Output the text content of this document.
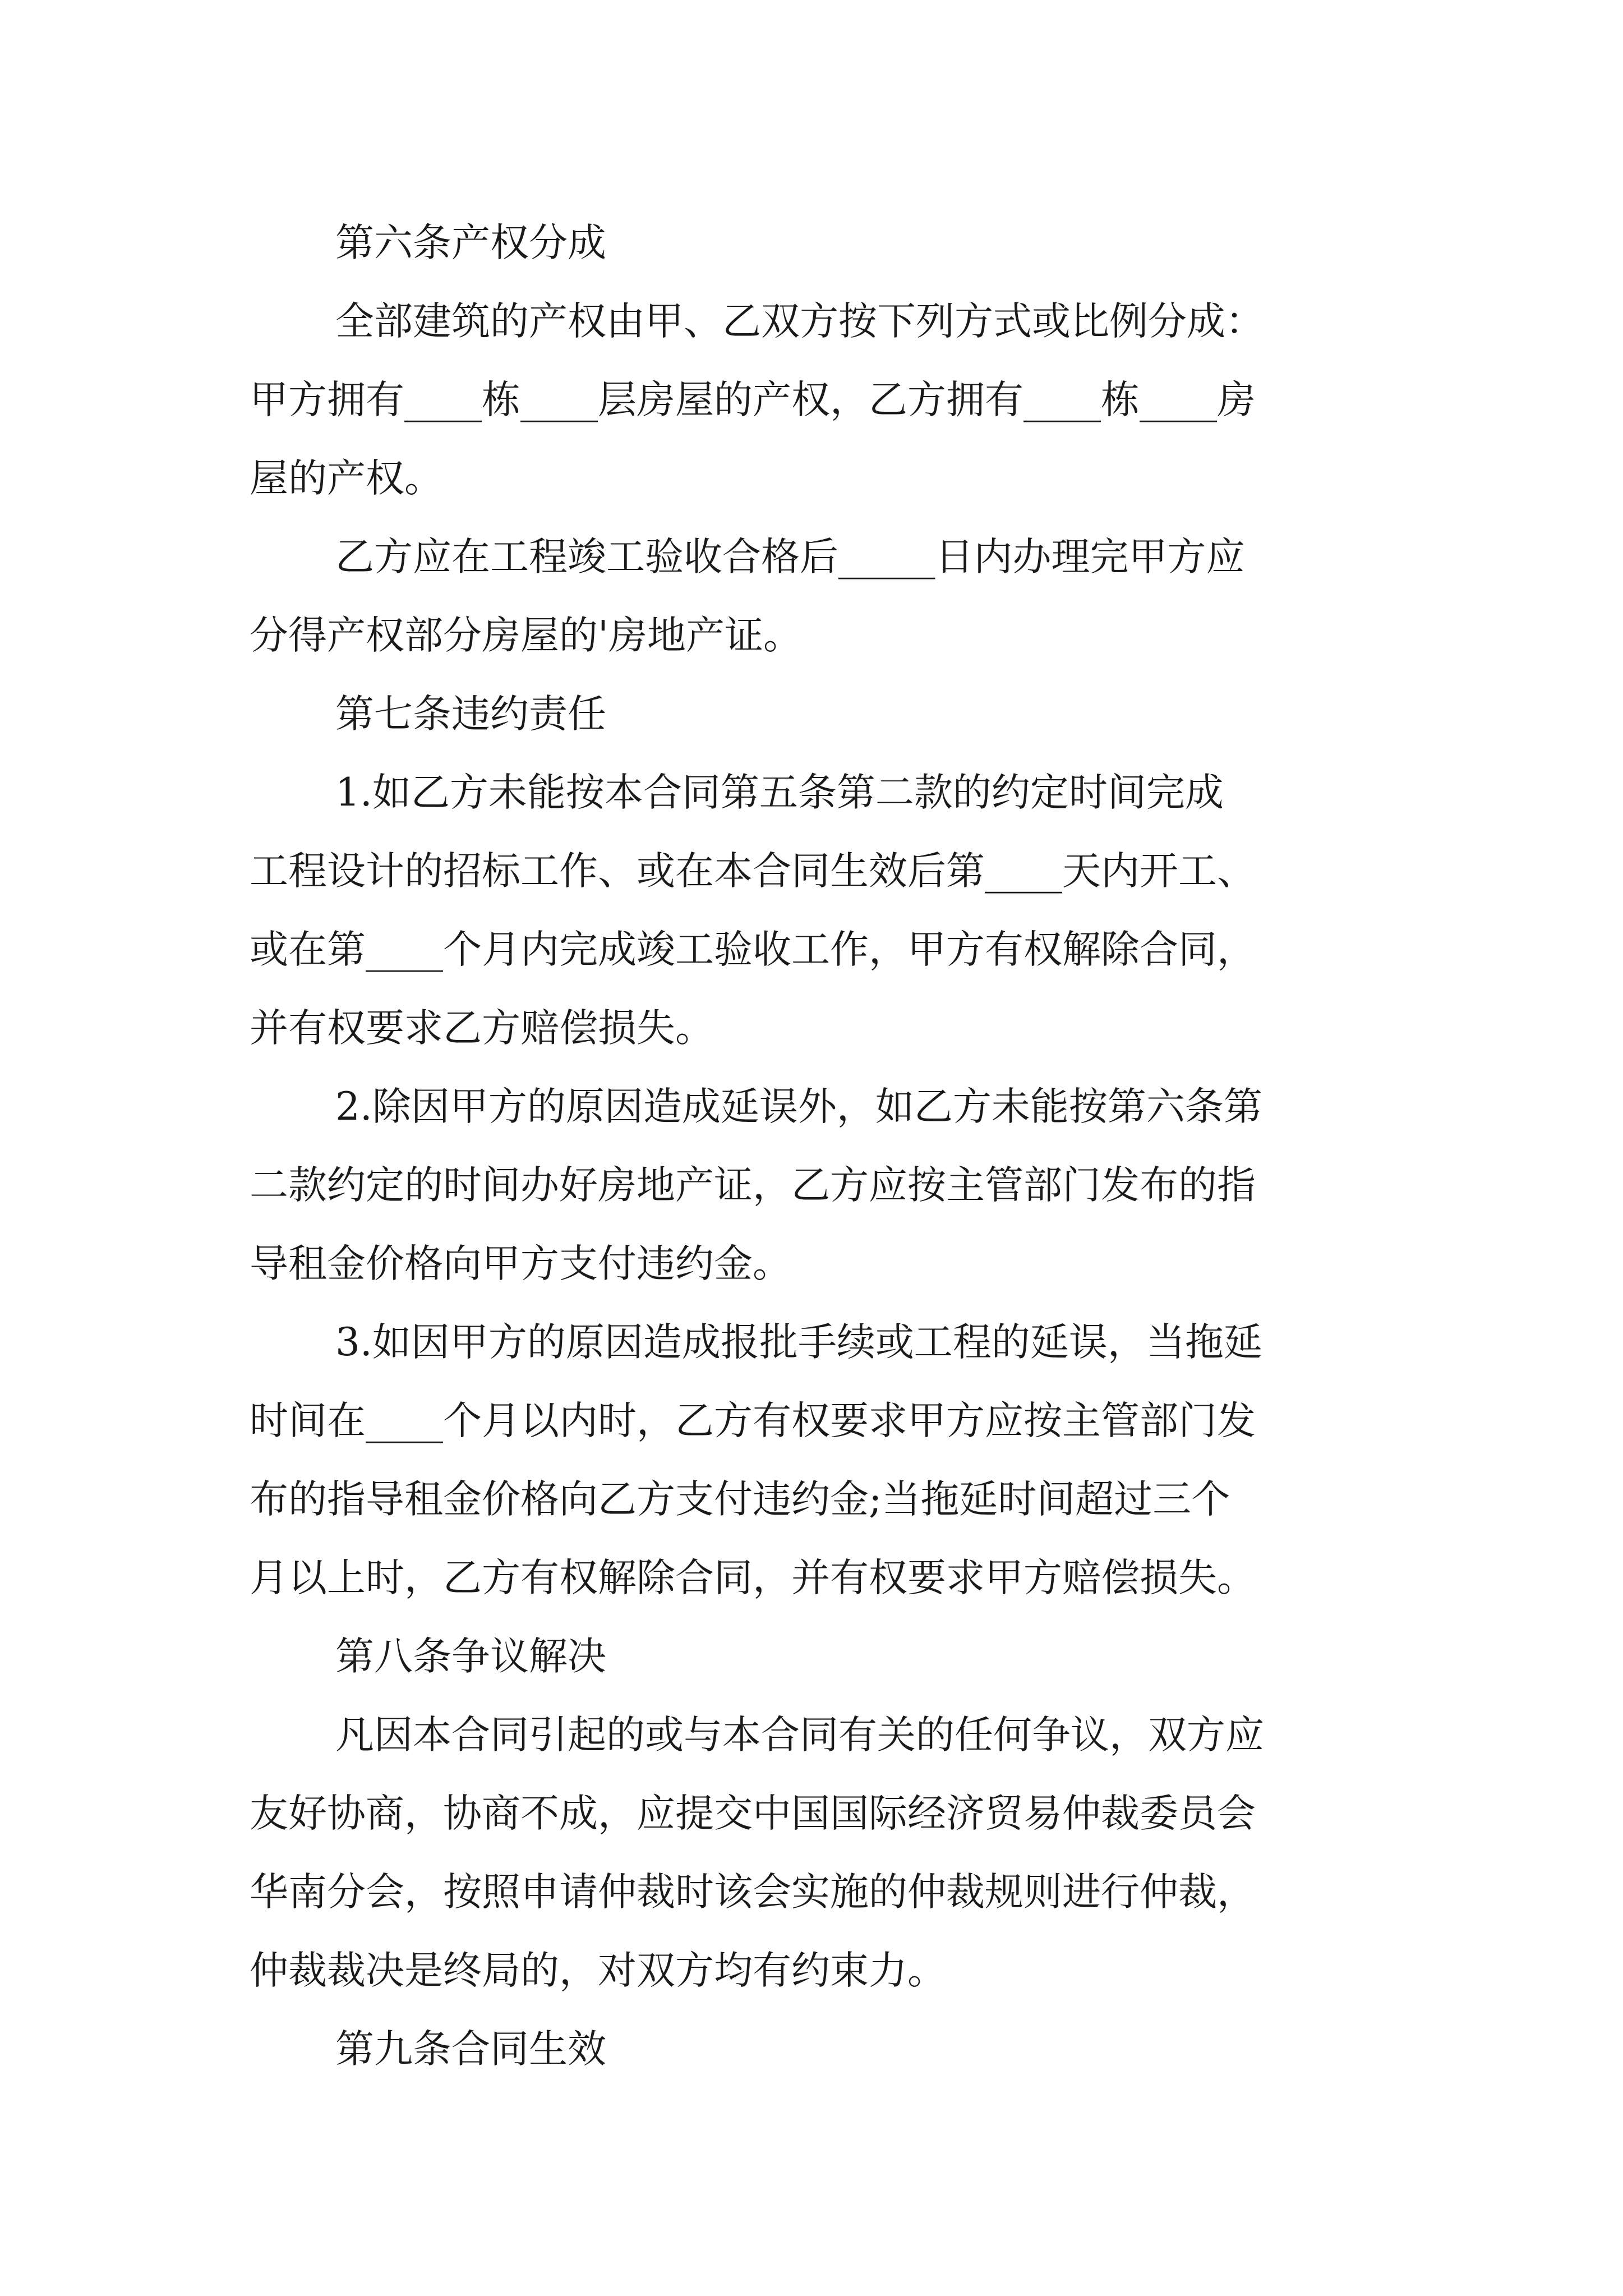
第六条产权分成
全部建筑的产权由甲、乙双方按下列方式或比例分成：
甲方拥有____栋____层房屋的产权，乙方拥有____栋____房
屋的产权。
乙方应在工程竣工验收合格后_____日内办理完甲方应
分得产权部分房屋的'房地产证。
第七条违约责任
1.如乙方未能按本合同第五条第二款的约定时间完成
工程设计的招标工作、或在本合同生效后第____天内开工、
或在第____个月内完成竣工验收工作，甲方有权解除合同，
并有权要求乙方赔偿损失。
2.除因甲方的原因造成延误外，如乙方未能按第六条第
二款约定的时间办好房地产证，乙方应按主管部门发布的指
导租金价格向甲方支付违约金。
3.如因甲方的原因造成报批手续或工程的延误，当拖延
时间在____个月以内时，乙方有权要求甲方应按主管部门发
布的指导租金价格向乙方支付违约金;当拖延时间超过三个
月以上时，乙方有权解除合同，并有权要求甲方赔偿损失。
第八条争议解决
凡因本合同引起的或与本合同有关的任何争议，双方应
友好协商，协商不成，应提交中国国际经济贸易仲裁委员会
华南分会，按照申请仲裁时该会实施的仲裁规则进行仲裁，
仲裁裁决是终局的，对双方均有约束力。
第九条合同生效
